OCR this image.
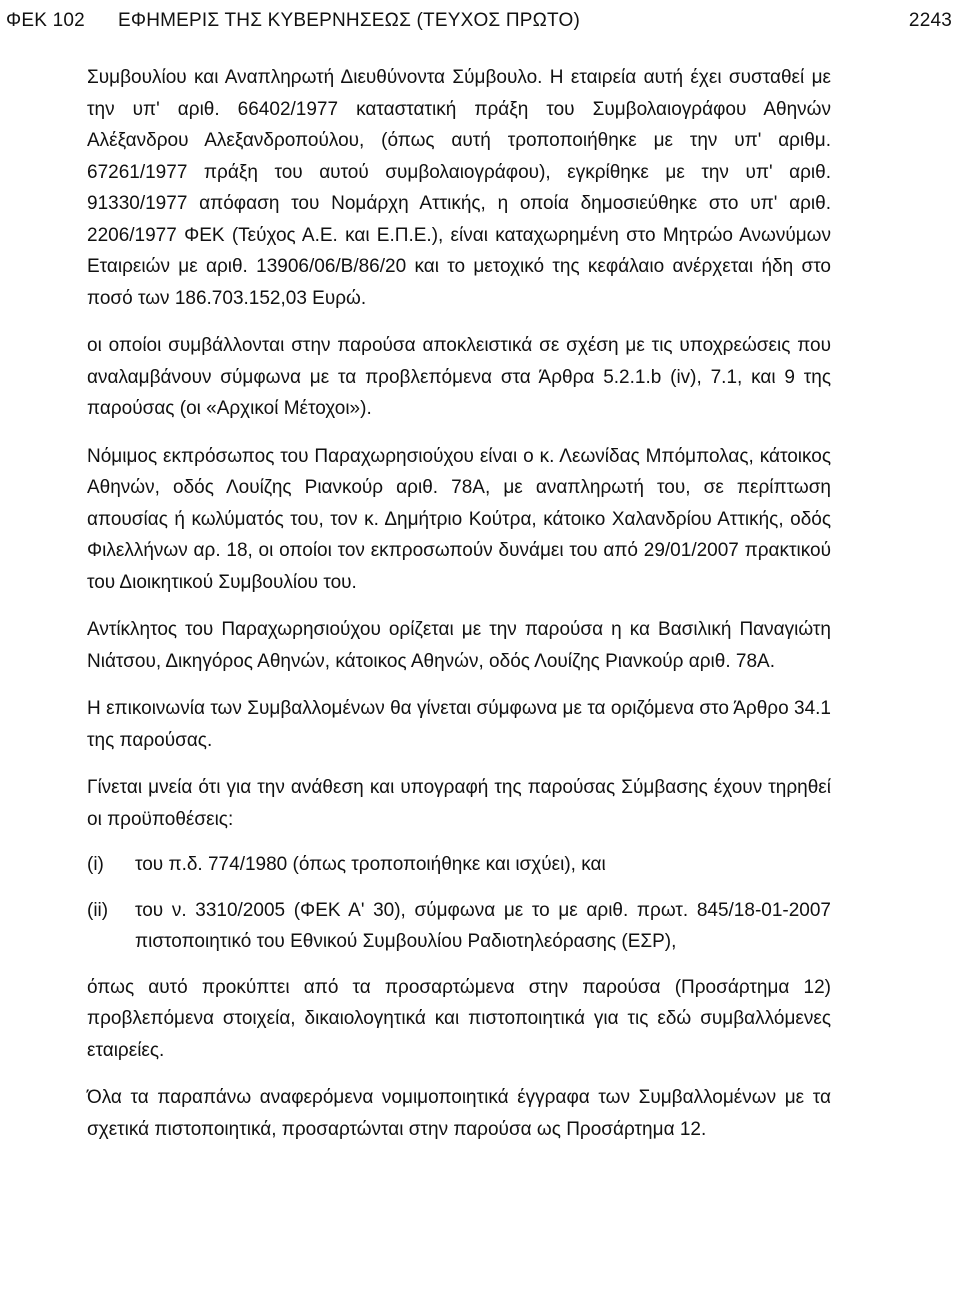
ΦΕΚ 102 ΕΦΗΜΕΡΙΣ ΤΗΣ ΚΥΒΕΡΝΗΣΕΩΣ (ΤΕΥΧΟΣ ΠΡΩΤΟ)	2243

Συμβουλίου και Αναπληρωτή Διευθύνοντα Σύμβουλο. Η εταιρεία αυτή έχει συσταθεί με την υπ' αριθ. 66402/1977 καταστατική πράξη του Συμβολαιογράφου Αθηνών Αλέξανδρου Αλεξανδροπούλου, (όπως αυτή τροποποιήθηκε με την υπ' αριθμ. 67261/1977 πράξη του αυτού συμβολαιογράφου), εγκρίθηκε με την υπ' αριθ. 91330/1977 απόφαση του Νομάρχη Αττικής, η οποία δημοσιεύθηκε στο υπ' αριθ. 2206/1977 ΦΕΚ (Τεύχος Α.Ε. και Ε.Π.Ε.), είναι καταχωρημένη στο Μητρώο Ανωνύμων Εταιρειών με αριθ. 13906/06/Β/86/20 και το μετοχικό της κεφάλαιο ανέρχεται ήδη στο ποσό των 186.703.152,03 Ευρώ.

οι οποίοι συμβάλλονται στην παρούσα αποκλειστικά σε σχέση με τις υποχρεώσεις που αναλαμβάνουν σύμφωνα με τα προβλεπόμενα στα Άρθρα 5.2.1.b (iv), 7.1, και 9 της παρούσας (οι «Αρχικοί Μέτοχοι»).

Νόμιμος εκπρόσωπος του Παραχωρησιούχου είναι ο κ. Λεωνίδας Μπόμπολας, κάτοικος Αθηνών, οδός Λουίζης Ριανκούρ αριθ. 78Α, με αναπληρωτή του, σε περίπτωση απουσίας ή κωλύματός του, τον κ. Δημήτριο Κούτρα, κάτοικο Χαλανδρίου Αττικής, οδός Φιλελλήνων αρ. 18, οι οποίοι τον εκπροσωπούν δυνάμει του από 29/01/2007 πρακτικού του Διοικητικού Συμβουλίου του.

Αντίκλητος του Παραχωρησιούχου ορίζεται με την παρούσα η κα Βασιλική Παναγιώτη Νιάτσου, Δικηγόρος Αθηνών, κάτοικος Αθηνών, οδός Λουίζης Ριανκούρ αριθ. 78Α.

Η επικοινωνία των Συμβαλλομένων θα γίνεται σύμφωνα με τα οριζόμενα στο Άρθρο 34.1 της παρούσας.

Γίνεται μνεία ότι για την ανάθεση και υπογραφή της παρούσας Σύμβασης έχουν τηρηθεί οι προϋποθέσεις:

(i) του π.δ. 774/1980 (όπως τροποποιήθηκε και ισχύει), και
(ii) του ν. 3310/2005 (ΦΕΚ Α' 30), σύμφωνα με το με αριθ. πρωτ. 845/18-01-2007 πιστοποιητικό του Εθνικού Συμβουλίου Ραδιοτηλεόρασης (ΕΣΡ),

όπως αυτό προκύπτει από τα προσαρτώμενα στην παρούσα (Προσάρτημα 12) προβλεπόμενα στοιχεία, δικαιολογητικά και πιστοποιητικά για τις εδώ συμβαλλόμενες εταιρείες.

Όλα τα παραπάνω αναφερόμενα νομιμοποιητικά έγγραφα των Συμβαλλομένων με τα σχετικά πιστοποιητικά, προσαρτώνται στην παρούσα ως Προσάρτημα 12.
